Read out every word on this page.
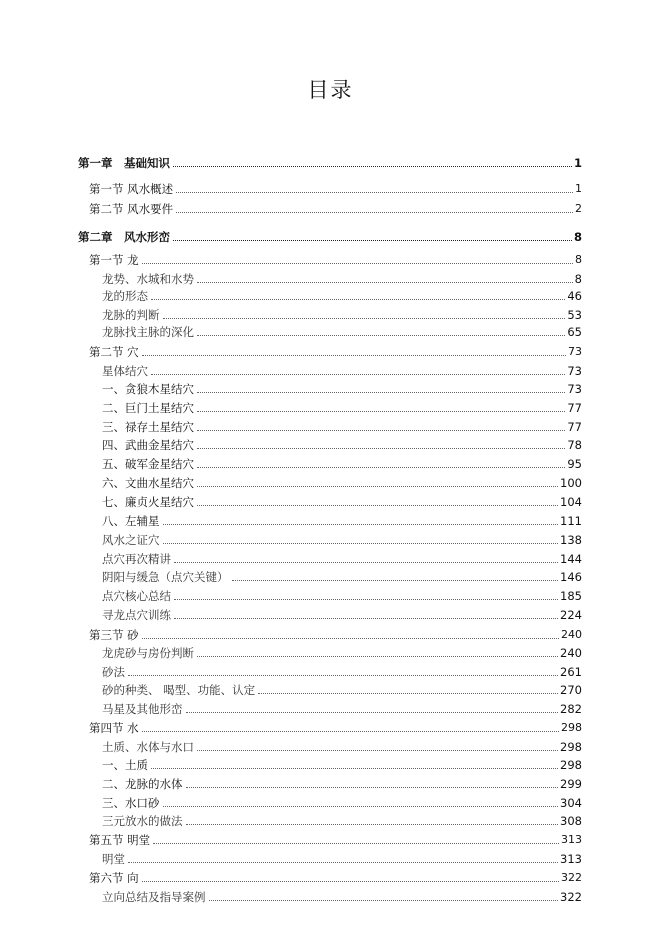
目录
第一章　基础知识	1
第一节 风水概述	1
第二节 风水要件	2
第二章　风水形峦	8
第一节 龙	8
龙势、水城和水势	8
龙的形态	46
龙脉的判断	53
龙脉找主脉的深化	65
第二节 穴	73
星体结穴	73
一、贪狼木星结穴	73
二、巨门土星结穴	77
三、禄存土星结穴	77
四、武曲金星结穴	78
五、破军金星结穴	95
六、文曲水星结穴	100
七、廉贞火星结穴	104
八、左辅星	111
风水之证穴	138
点穴再次精讲	144
阴阳与缓急（点穴关键）	146
点穴核心总结	185
寻龙点穴训练	224
第三节 砂	240
龙虎砂与房份判断	240
砂法	261
砂的种类、 喝型、功能、认定	270
马星及其他形峦	282
第四节 水	298
土质、水体与水口	298
一、土质	298
二、龙脉的水体	299
三、水口砂	304
三元放水的做法	308
第五节 明堂	313
明堂	313
第六节 向	322
立向总结及指导案例	322
